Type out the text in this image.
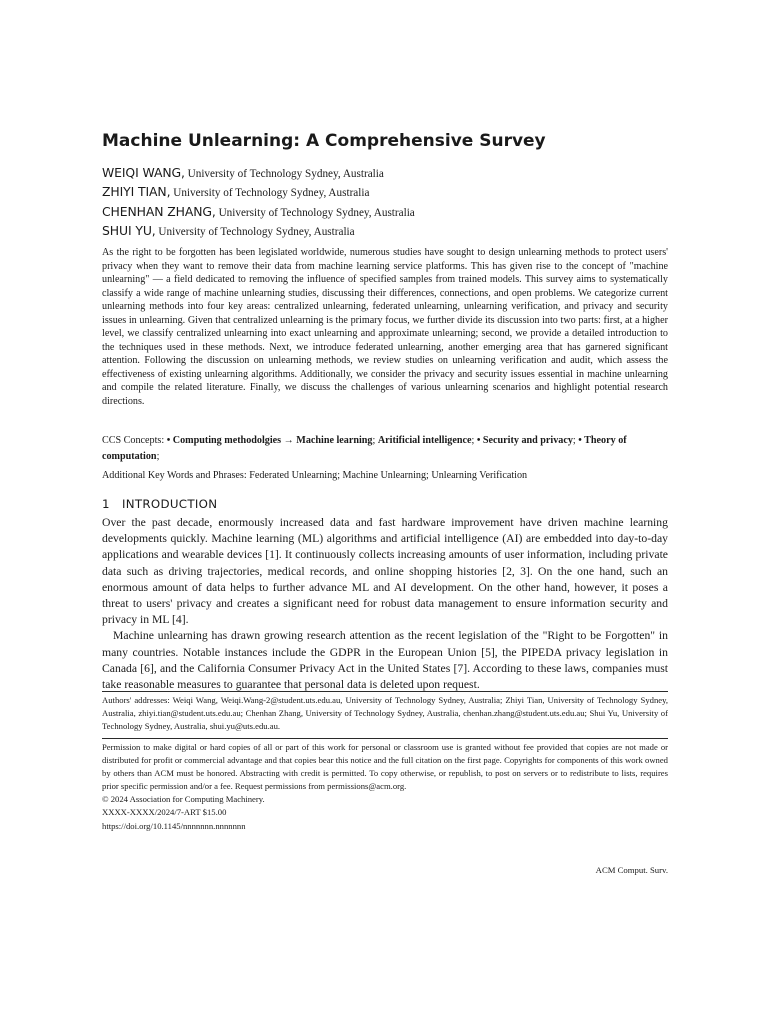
Machine Unlearning: A Comprehensive Survey
WEIQI WANG, University of Technology Sydney, Australia
ZHIYI TIAN, University of Technology Sydney, Australia
CHENHAN ZHANG, University of Technology Sydney, Australia
SHUI YU, University of Technology Sydney, Australia

As the right to be forgotten has been legislated worldwide, numerous studies have sought to design unlearning methods to protect users' privacy when they want to remove their data from machine learning service platforms. This has given rise to the concept of "machine unlearning" — a field dedicated to removing the influence of specified samples from trained models. This survey aims to systematically classify a wide range of machine unlearning studies, discussing their differences, connections, and open problems. We categorize current unlearning methods into four key areas: centralized unlearning, federated unlearning, unlearning verification, and privacy and security issues in unlearning. Given that centralized unlearning is the primary focus, we further divide its discussion into two parts: first, at a higher level, we classify centralized unlearning into exact unlearning and approximate unlearning; second, we provide a detailed introduction to the techniques used in these methods. Next, we introduce federated unlearning, another emerging area that has garnered significant attention. Following the discussion on unlearning methods, we review studies on unlearning verification and audit, which assess the effectiveness of existing unlearning algorithms. Additionally, we consider the privacy and security issues essential in machine unlearning and compile the related literature. Finally, we discuss the challenges of various unlearning scenarios and highlight potential research directions.

CCS Concepts: • Computing methodolgies → Machine learning; Aritificial intelligence; • Security and privacy; • Theory of computation;

Additional Key Words and Phrases: Federated Unlearning; Machine Unlearning; Unlearning Verification

1 INTRODUCTION

Over the past decade, enormously increased data and fast hardware improvement have driven machine learning developments quickly. Machine learning (ML) algorithms and artificial intelligence (AI) are embedded into day-to-day applications and wearable devices [1]. It continuously collects increasing amounts of user information, including private data such as driving trajectories, medical records, and online shopping histories [2, 3]. On the one hand, such an enormous amount of data helps to further advance ML and AI development. On the other hand, however, it poses a threat to users' privacy and creates a significant need for robust data management to ensure information security and privacy in ML [4].

Machine unlearning has drawn growing research attention as the recent legislation of the "Right to be Forgotten" in many countries. Notable instances include the GDPR in the European Union [5], the PIPEDA privacy legislation in Canada [6], and the California Consumer Privacy Act in the United States [7]. According to these laws, companies must take reasonable measures to guarantee that personal data is deleted upon request.

Authors' addresses: Weiqi Wang, Weiqi.Wang-2@student.uts.edu.au, University of Technology Sydney, Australia; Zhiyi Tian, University of Technology Sydney, Australia, zhiyi.tian@student.uts.edu.au; Chenhan Zhang, University of Technology Sydney, Australia, chenhan.zhang@student.uts.edu.au; Shui Yu, University of Technology Sydney, Australia, shui.yu@uts.edu.au.

Permission to make digital or hard copies of all or part of this work for personal or classroom use is granted without fee provided that copies are not made or distributed for profit or commercial advantage and that copies bear this notice and the full citation on the first page. Copyrights for components of this work owned by others than ACM must be honored. Abstracting with credit is permitted. To copy otherwise, or republish, to post on servers or to redistribute to lists, requires prior specific permission and/or a fee. Request permissions from permissions@acm.org.
© 2024 Association for Computing Machinery.
XXXX-XXXX/2024/7-ART $15.00
https://doi.org/10.1145/nnnnnnn.nnnnnnn
ACM Comput. Surv.
